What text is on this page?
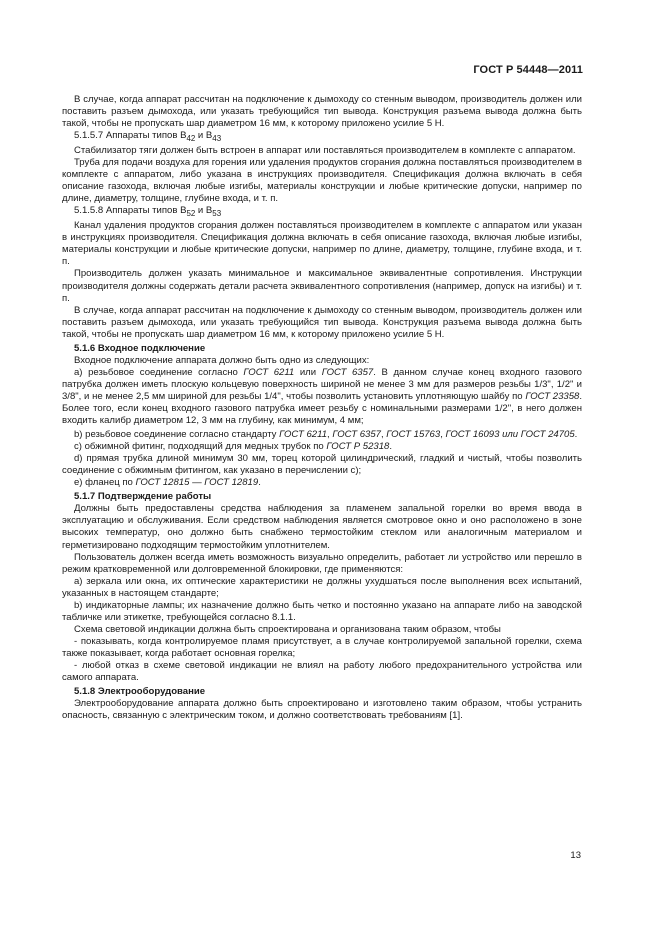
ГОСТ Р 54448—2011

В случае, когда аппарат рассчитан на подключение к дымоходу со стенным выводом, производитель должен или поставить разъем дымохода, или указать требующийся тип вывода. Конструкция разъема вывода должна быть такой, чтобы не пропускать шар диаметром 16 мм, к которому приложено усилие 5 Н.

5.1.5.7 Аппараты типов $В_{42}$ и $В_{43}$

Стабилизатор тяги должен быть встроен в аппарат или поставляться производителем в комплекте с аппаратом.

Труба для подачи воздуха для горения или удаления продуктов сгорания должна поставляться производителем в комплекте с аппаратом, либо указана в инструкциях производителя. Спецификация должна включать в себя описание газохода, включая любые изгибы, материалы конструкции и любые критические допуски, например по длине, диаметру, толщине, глубине входа, и т. п.

5.1.5.8 Аппараты типов $В_{52}$ и $В_{53}$

Канал удаления продуктов сгорания должен поставляться производителем в комплекте с аппаратом или указан в инструкциях производителя. Спецификация должна включать в себя описание газохода, включая любые изгибы, материалы конструкции и любые критические допуски, например по длине, диаметру, толщине, глубине входа, и т. п.

Производитель должен указать минимальное и максимальное эквивалентные сопротивления. Инструкции производителя должны содержать детали расчета эквивалентного сопротивления (например, допуск на изгибы) и т. п.

В случае, когда аппарат рассчитан на подключение к дымоходу со стенным выводом, производитель должен или поставить разъем дымохода, или указать требующийся тип вывода. Конструкция разъема вывода должна быть такой, чтобы не пропускать шар диаметром 16 мм, к которому приложено усилие 5 Н.

5.1.6 Входное подключение

Входное подключение аппарата должно быть одно из следующих:

a) резьбовое соединение согласно ГОСТ 6211 или ГОСТ 6357. В данном случае конец входного газового патрубка должен иметь плоскую кольцевую поверхность шириной не менее 3 мм для размеров резьбы 1/3", 1/2" и 3/8", и не менее 2,5 мм шириной для резьбы 1/4", чтобы позволить установить уплотняющую шайбу по ГОСТ 23358. Более того, если конец входного газового патрубка имеет резьбу с номинальными размерами 1/2", в него должен входить калибр диаметром 12, 3 мм на глубину, как минимум, 4 мм;

b) резьбовое соединение согласно стандарту ГОСТ 6211, ГОСТ 6357, ГОСТ 15763, ГОСТ 16093 или ГОСТ 24705.

c) обжимной фитинг, подходящий для медных трубок по ГОСТ Р 52318.

d) прямая трубка длиной минимум 30 мм, торец которой цилиндрический, гладкий и чистый, чтобы позволить соединение с обжимным фитингом, как указано в перечислении c);

e) фланец по ГОСТ 12815 — ГОСТ 12819.

5.1.7 Подтверждение работы

Должны быть предоставлены средства наблюдения за пламенем запальной горелки во время ввода в эксплуатацию и обслуживания. Если средством наблюдения является смотровое окно и оно расположено в зоне высоких температур, оно должно быть снабжено термостойким стеклом или аналогичным материалом и герметизировано подходящим термостойким уплотнителем.

Пользователь должен всегда иметь возможность визуально определить, работает ли устройство или перешло в режим кратковременной или долговременной блокировки, где применяются:

a) зеркала или окна, их оптические характеристики не должны ухудшаться после выполнения всех испытаний, указанных в настоящем стандарте;

b) индикаторные лампы; их назначение должно быть четко и постоянно указано на аппарате либо на заводской табличке или этикетке, требующейся согласно 8.1.1.

Схема световой индикации должна быть спроектирована и организована таким образом, чтобы

- показывать, когда контролируемое пламя присутствует, а в случае контролируемой запальной горелки, схема также показывает, когда работает основная горелка;

- любой отказ в схеме световой индикации не влиял на работу любого предохранительного устройства или самого аппарата.

5.1.8 Электрооборудование

Электрооборудование аппарата должно быть спроектировано и изготовлено таким образом, чтобы устранить опасность, связанную с электрическим током, и должно соответствовать требованиям [1].

13
